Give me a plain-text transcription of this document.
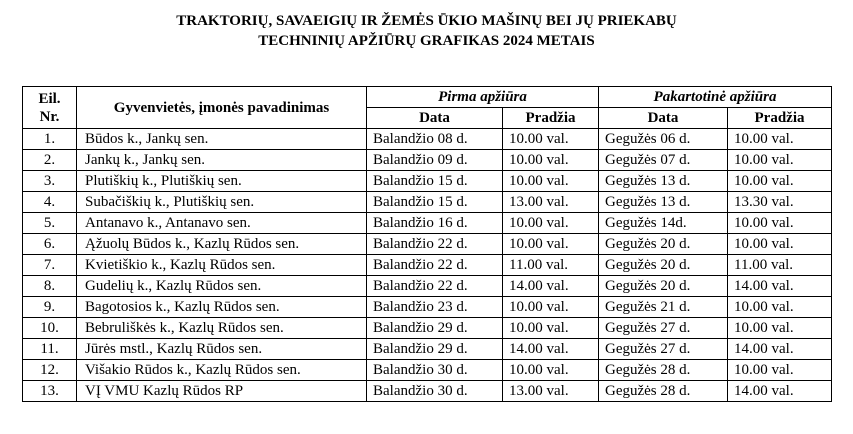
TRAKTORIŲ, SAVAEIGIŲ IR ŽEMĖS ŪKIO MAŠINŲ BEI JŲ PRIEKABŲ
TECHNINIŲ APŽIŪRŲ GRAFIKAS 2024 METAIS
Eil.
Nr.	Gyvenvietės, įmonės pavadinimas	Pirma apžiūra		Pakartotinė apžiūra	
		Data	Pradžia	Data	Pradžia
1.	Būdos k., Jankų sen.	Balandžio 08 d.	10.00 val.	Gegužės 06 d.	10.00 val.
2.	Jankų k., Jankų sen.	Balandžio 09 d.	10.00 val.	Gegužės 07 d.	10.00 val.
3.	Plutiškių k., Plutiškių sen.	Balandžio 15 d.	10.00 val.	Gegužės 13 d.	10.00 val.
4.	Subačiškių k., Plutiškių sen.	Balandžio 15 d.	13.00 val.	Gegužės 13 d.	13.30 val.
5.	Antanavo k., Antanavo sen.	Balandžio 16 d.	10.00 val.	Gegužės 14d.	10.00 val.
6.	Ąžuolų Būdos k., Kazlų Rūdos sen.	Balandžio 22 d.	10.00 val.	Gegužės 20 d.	10.00 val.
7.	Kvietiškio k., Kazlų Rūdos sen.	Balandžio 22 d.	11.00 val.	Gegužės 20 d.	11.00 val.
8.	Gudelių k., Kazlų Rūdos sen.	Balandžio 22 d.	14.00 val.	Gegužės 20 d.	14.00 val.
9.	Bagotosios k., Kazlų Rūdos sen.	Balandžio 23 d.	10.00 val.	Gegužės 21 d.	10.00 val.
10.	Bebruliškės k., Kazlų Rūdos sen.	Balandžio 29 d.	10.00 val.	Gegužės 27 d.	10.00 val.
11.	Jūrės mstl., Kazlų Rūdos sen.	Balandžio 29 d.	14.00 val.	Gegužės 27 d.	14.00 val.
12.	Višakio Rūdos k., Kazlų Rūdos sen.	Balandžio 30 d.	10.00 val.	Gegužės 28 d.	10.00 val.
13.	VĮ VMU Kazlų Rūdos RP	Balandžio 30 d.	13.00 val.	Gegužės 28 d.	14.00 val.
